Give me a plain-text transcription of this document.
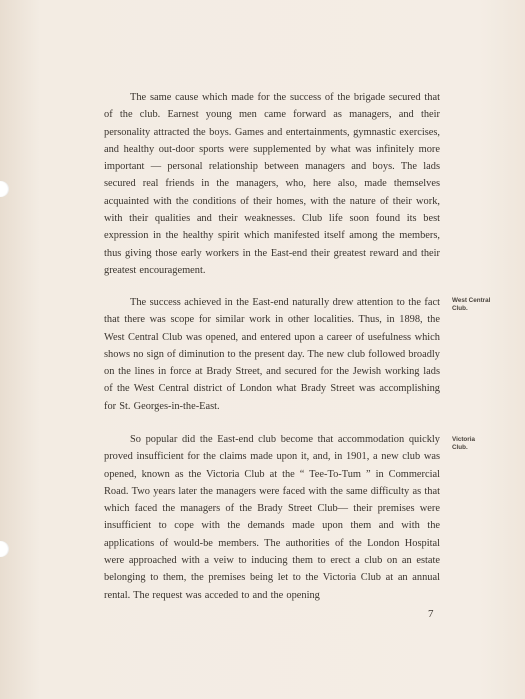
The same cause which made for the success of the brigade secured that of the club. Earnest young men came forward as managers, and their personality attracted the boys. Games and entertainments, gymnastic exercises, and healthy out-door sports were supplemented by what was infinitely more important — personal relationship between managers and boys. The lads secured real friends in the managers, who, here also, made themselves acquainted with the conditions of their homes, with the nature of their work, with their qualities and their weaknesses. Club life soon found its best expression in the healthy spirit which manifested itself among the members, thus giving those early workers in the East-end their greatest reward and their greatest encouragement.

The success achieved in the East-end naturally drew attention to the fact that there was scope for similar work in other localities. Thus, in 1898, the West Central Club was opened, and entered upon a career of usefulness which shows no sign of diminution to the present day. The new club followed broadly on the lines in force at Brady Street, and secured for the Jewish working lads of the West Central district of London what Brady Street was accomplishing for St. Georges-in-the-East.

West Central
Club.

So popular did the East-end club become that accommodation quickly proved insufficient for the claims made upon it, and, in 1901, a new club was opened, known as the Victoria Club at the “ Tee-To-Tum ” in Commercial Road. Two years later the managers were faced with the same difficulty as that which faced the managers of the Brady Street Club— their premises were insufficient to cope with the demands made upon them and with the applications of would-be members. The authorities of the London Hospital were approached with a veiw to inducing them to erect a club on an estate belonging to them, the premises being let to the Victoria Club at an annual rental. The request was acceded to and the opening

Victoria
Club.
7
